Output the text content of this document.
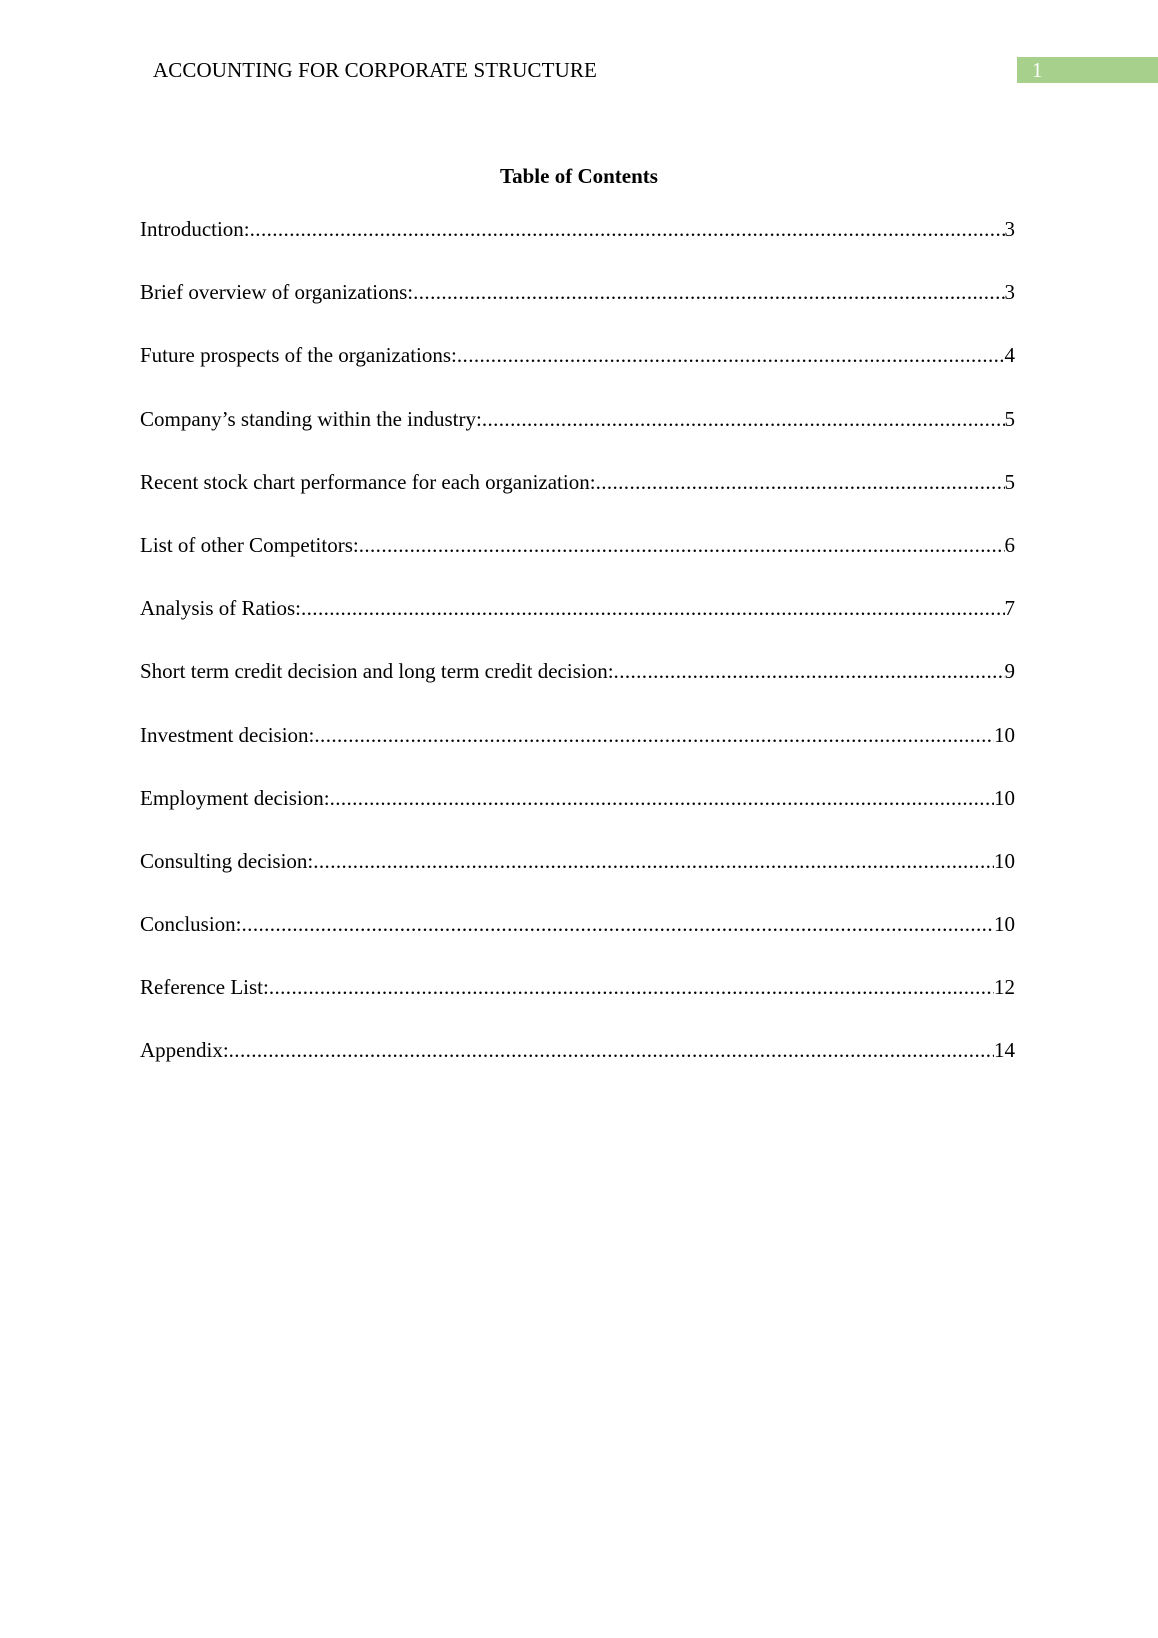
ACCOUNTING FOR CORPORATE STRUCTURE	1
Table of Contents
Introduction: .....	3
Brief overview of organizations: .....	3
Future prospects of the organizations: .....	4
Company’s standing within the industry: .....	5
Recent stock chart performance for each organization: .....	5
List of other Competitors: .....	6
Analysis of Ratios: .....	7
Short term credit decision and long term credit decision: .....	9
Investment decision: .....	10
Employment decision: .....	10
Consulting decision: .....	10
Conclusion: .....	10
Reference List: .....	12
Appendix: .....	14
